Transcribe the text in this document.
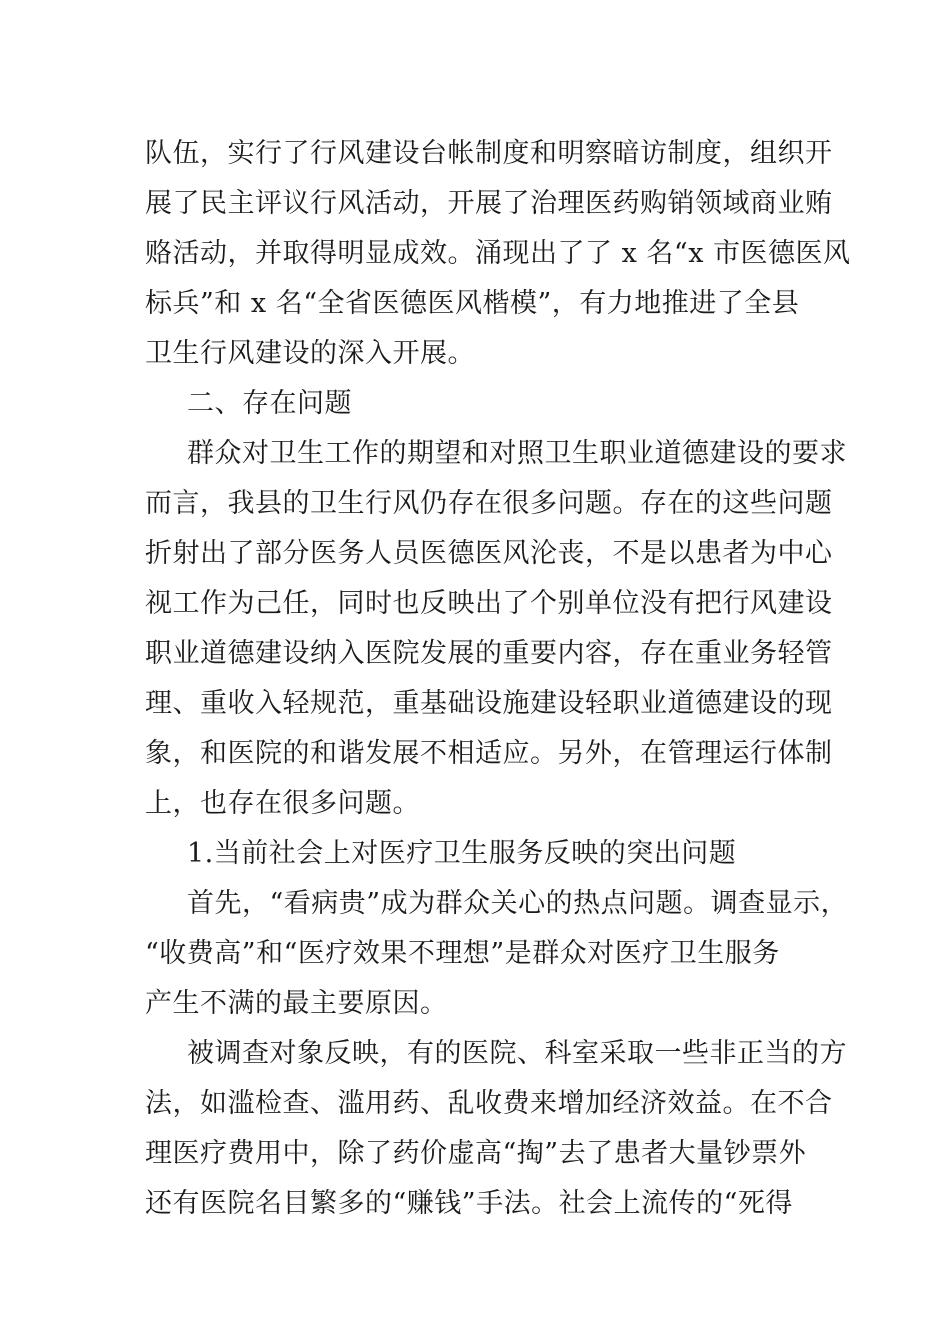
队伍，实行了行风建设台帐制度和明察暗访制度，组织开
展了民主评议行风活动，开展了治理医药购销领域商业贿
赂活动，并取得明显成效。涌现出了了 x 名“x 市医德医风
标兵”和 x 名“全省医德医风楷模”，有力地推进了全县
卫生行风建设的深入开展。
二、存在问题
群众对卫生工作的期望和对照卫生职业道德建设的要求
而言，我县的卫生行风仍存在很多问题。存在的这些问题
折射出了部分医务人员医德医风沦丧，不是以患者为中心
视工作为己任，同时也反映出了个别单位没有把行风建设
职业道德建设纳入医院发展的重要内容，存在重业务轻管
理、重收入轻规范，重基础设施建设轻职业道德建设的现
象，和医院的和谐发展不相适应。另外，在管理运行体制
上，也存在很多问题。
1.当前社会上对医疗卫生服务反映的突出问题
首先，“看病贵”成为群众关心的热点问题。调查显示，
“收费高”和“医疗效果不理想”是群众对医疗卫生服务
产生不满的最主要原因。
被调查对象反映，有的医院、科室采取一些非正当的方
法，如滥检查、滥用药、乱收费来增加经济效益。在不合
理医疗费用中，除了药价虚高“掏”去了患者大量钞票外
还有医院名目繁多的“赚钱”手法。社会上流传的“死得
